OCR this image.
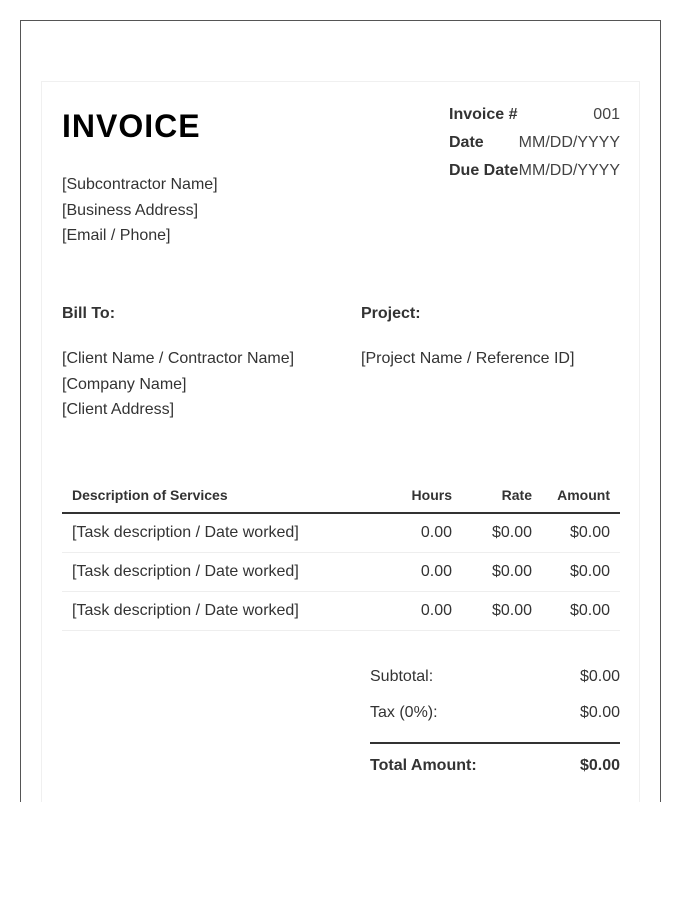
INVOICE
[Subcontractor Name]
[Business Address]
[Email / Phone]
Invoice #	001
Date	MM/DD/YYYY
Due Date MM/DD/YYYY
Bill To:
[Client Name / Contractor Name]
[Company Name]
[Client Address]
Project:
[Project Name / Reference ID]
Description of Services	Hours	Rate	Amount
[Task description / Date worked]	0.00	$0.00	$0.00
[Task description / Date worked]	0.00	$0.00	$0.00
[Task description / Date worked]	0.00	$0.00	$0.00
Subtotal:	$0.00
Tax (0%):	$0.00
Total Amount:	$0.00
